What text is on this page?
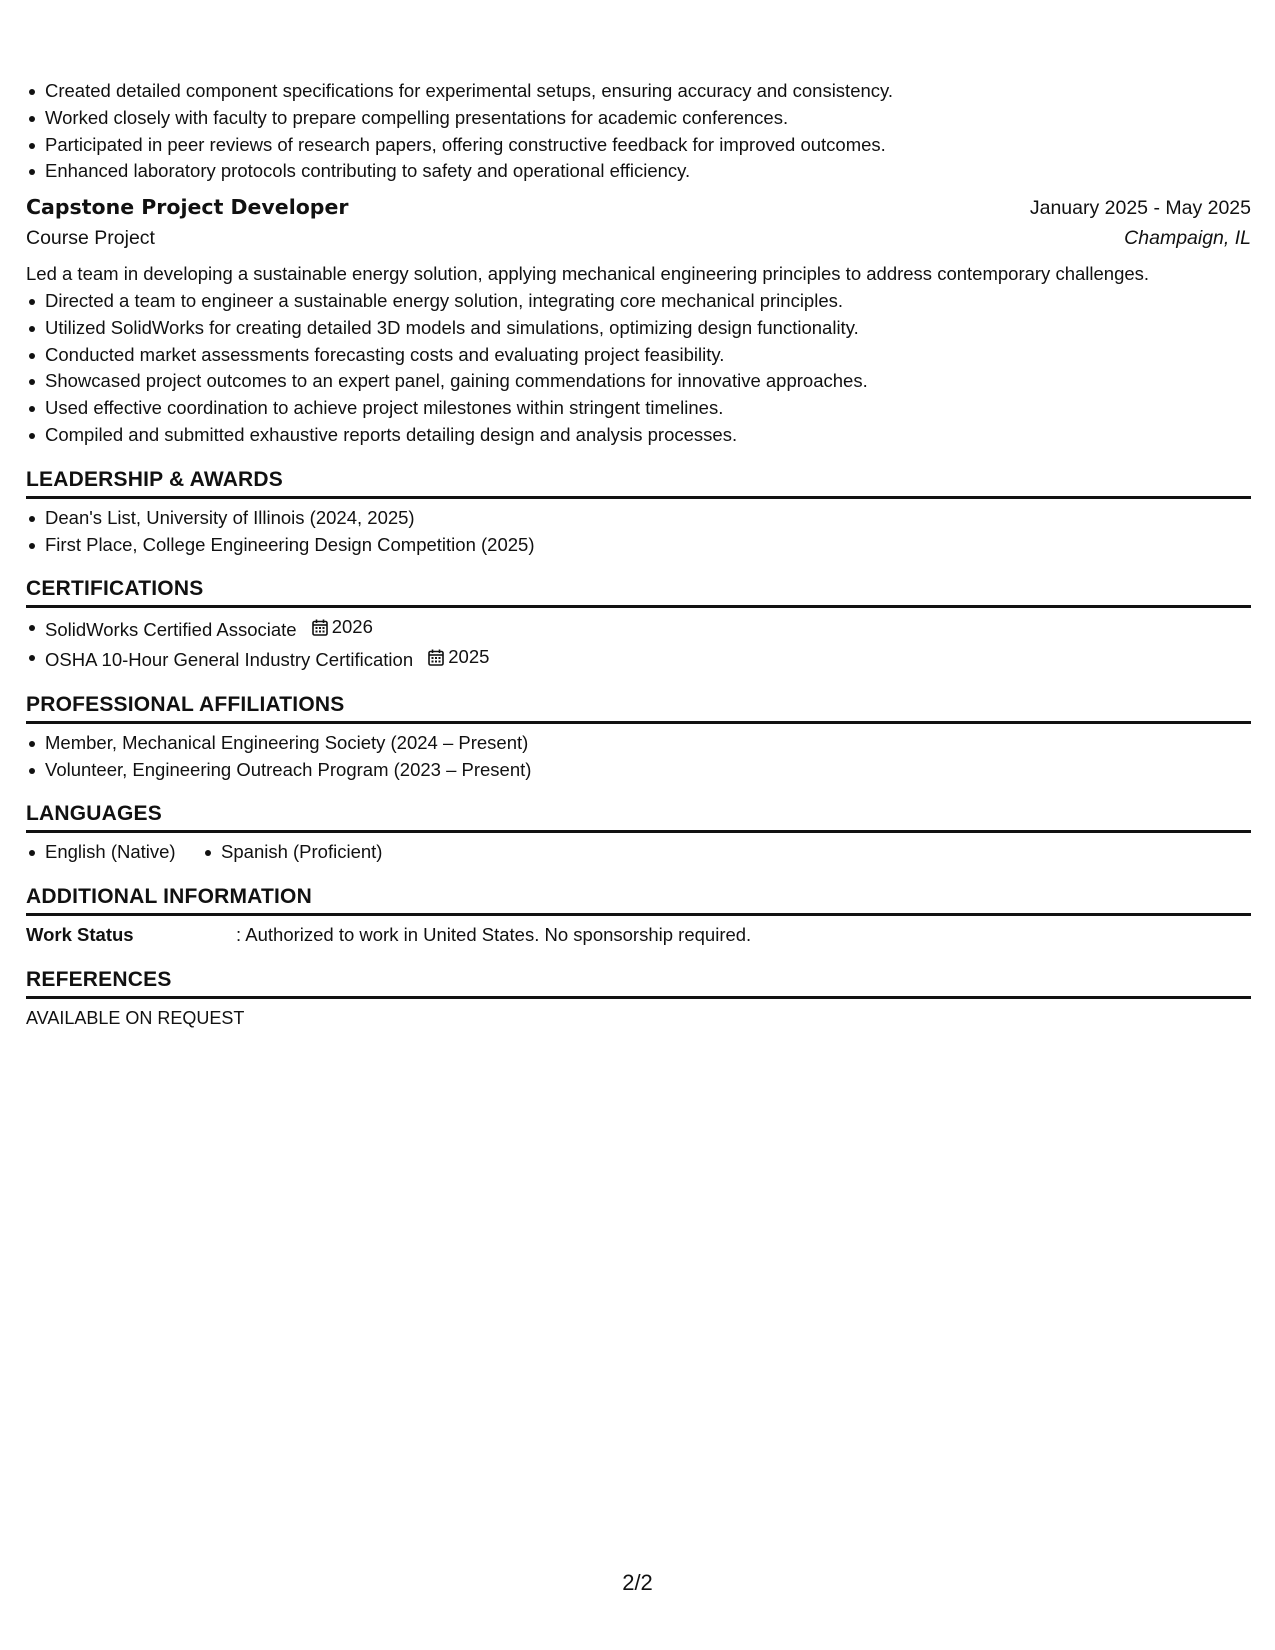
Created detailed component specifications for experimental setups, ensuring accuracy and consistency.
Worked closely with faculty to prepare compelling presentations for academic conferences.
Participated in peer reviews of research papers, offering constructive feedback for improved outcomes.
Enhanced laboratory protocols contributing to safety and operational efficiency.
Capstone Project Developer	January 2025 - May 2025
Course Project	Champaign, IL
Led a team in developing a sustainable energy solution, applying mechanical engineering principles to address contemporary challenges.
Directed a team to engineer a sustainable energy solution, integrating core mechanical principles.
Utilized SolidWorks for creating detailed 3D models and simulations, optimizing design functionality.
Conducted market assessments forecasting costs and evaluating project feasibility.
Showcased project outcomes to an expert panel, gaining commendations for innovative approaches.
Used effective coordination to achieve project milestones within stringent timelines.
Compiled and submitted exhaustive reports detailing design and analysis processes.
LEADERSHIP & AWARDS
Dean's List, University of Illinois (2024, 2025)
First Place, College Engineering Design Competition (2025)
CERTIFICATIONS
SolidWorks Certified Associate 2026
OSHA 10-Hour General Industry Certification 2025
PROFESSIONAL AFFILIATIONS
Member, Mechanical Engineering Society (2024 – Present)
Volunteer, Engineering Outreach Program (2023 – Present)
LANGUAGES
English (Native) Spanish (Proficient)
ADDITIONAL INFORMATION
Work Status	: Authorized to work in United States. No sponsorship required.
REFERENCES
AVAILABLE ON REQUEST
2/2
